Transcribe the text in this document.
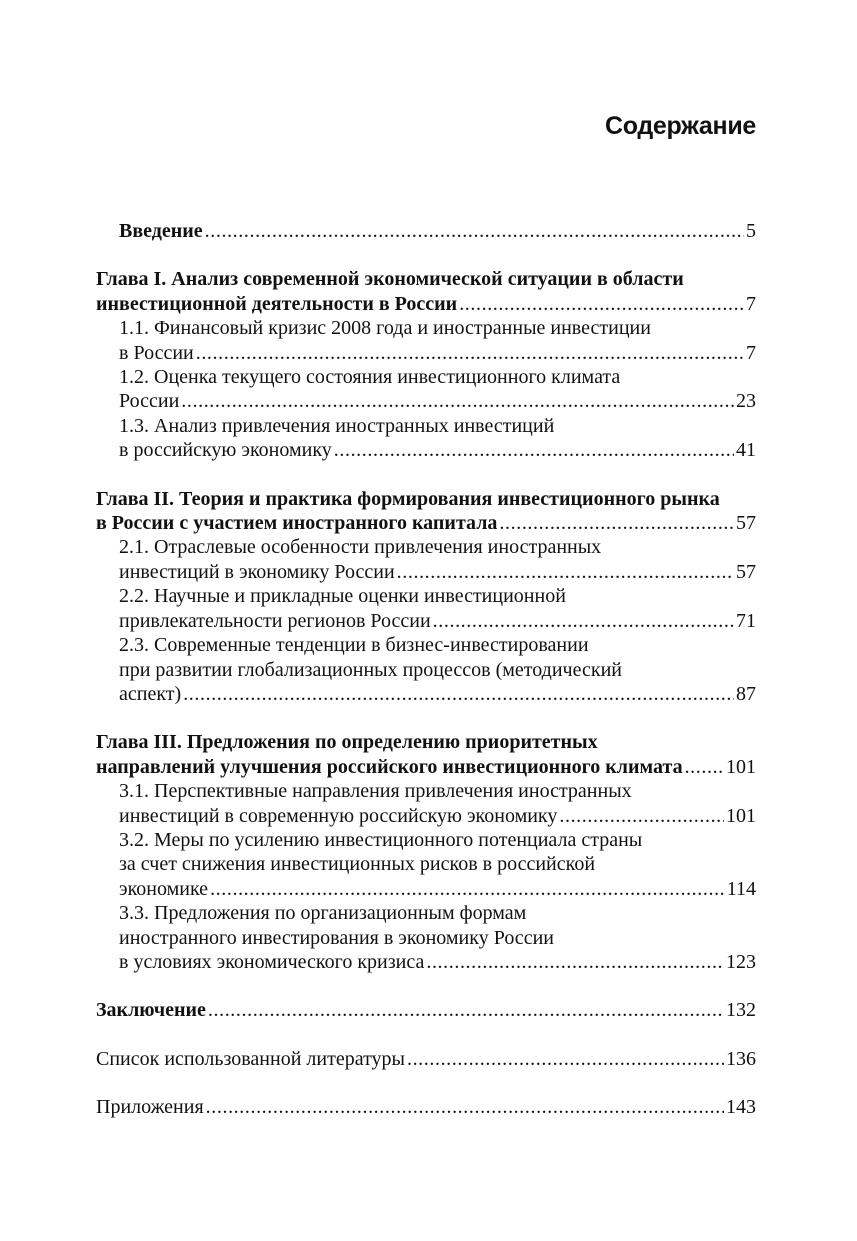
Содержание
Введение . . .	5
Глава I. Анализ современной экономической ситуации в области
инвестиционной деятельности в России . . .	7
1.1. Финансовый кризис 2008 года и иностранные инвестиции
в России . . .	7
1.2. Оценка текущего состояния инвестиционного климата
России . . .	23
1.3. Анализ привлечения иностранных инвестиций
в российскую экономику . . .	41
Глава II. Теория и практика формирования инвестиционного рынка
в России с участием иностранного капитала . . .	57
2.1. Отраслевые особенности привлечения иностранных
инвестиций в экономику России . . .	57
2.2. Научные и прикладные оценки инвестиционной
привлекательности регионов России . . .	71
2.3. Современные тенденции в бизнес-инвестировании
при развитии глобализационных процессов (методический
аспект) . . .	87
Глава III. Предложения по определению приоритетных
направлений улучшения российского инвестиционного климата . . . 101
3.1. Перспективные направления привлечения иностранных
инвестиций в современную российскую экономику . . .	101
3.2. Меры по усилению инвестиционного потенциала страны
за счет снижения инвестиционных рисков в российской
экономике . . .	114
3.3. Предложения по организационным формам
иностранного инвестирования в экономику России
в условиях экономического кризиса . . .	123
Заключение . . .	132
Список использованной литературы . . .	136
Приложения . . .	143
